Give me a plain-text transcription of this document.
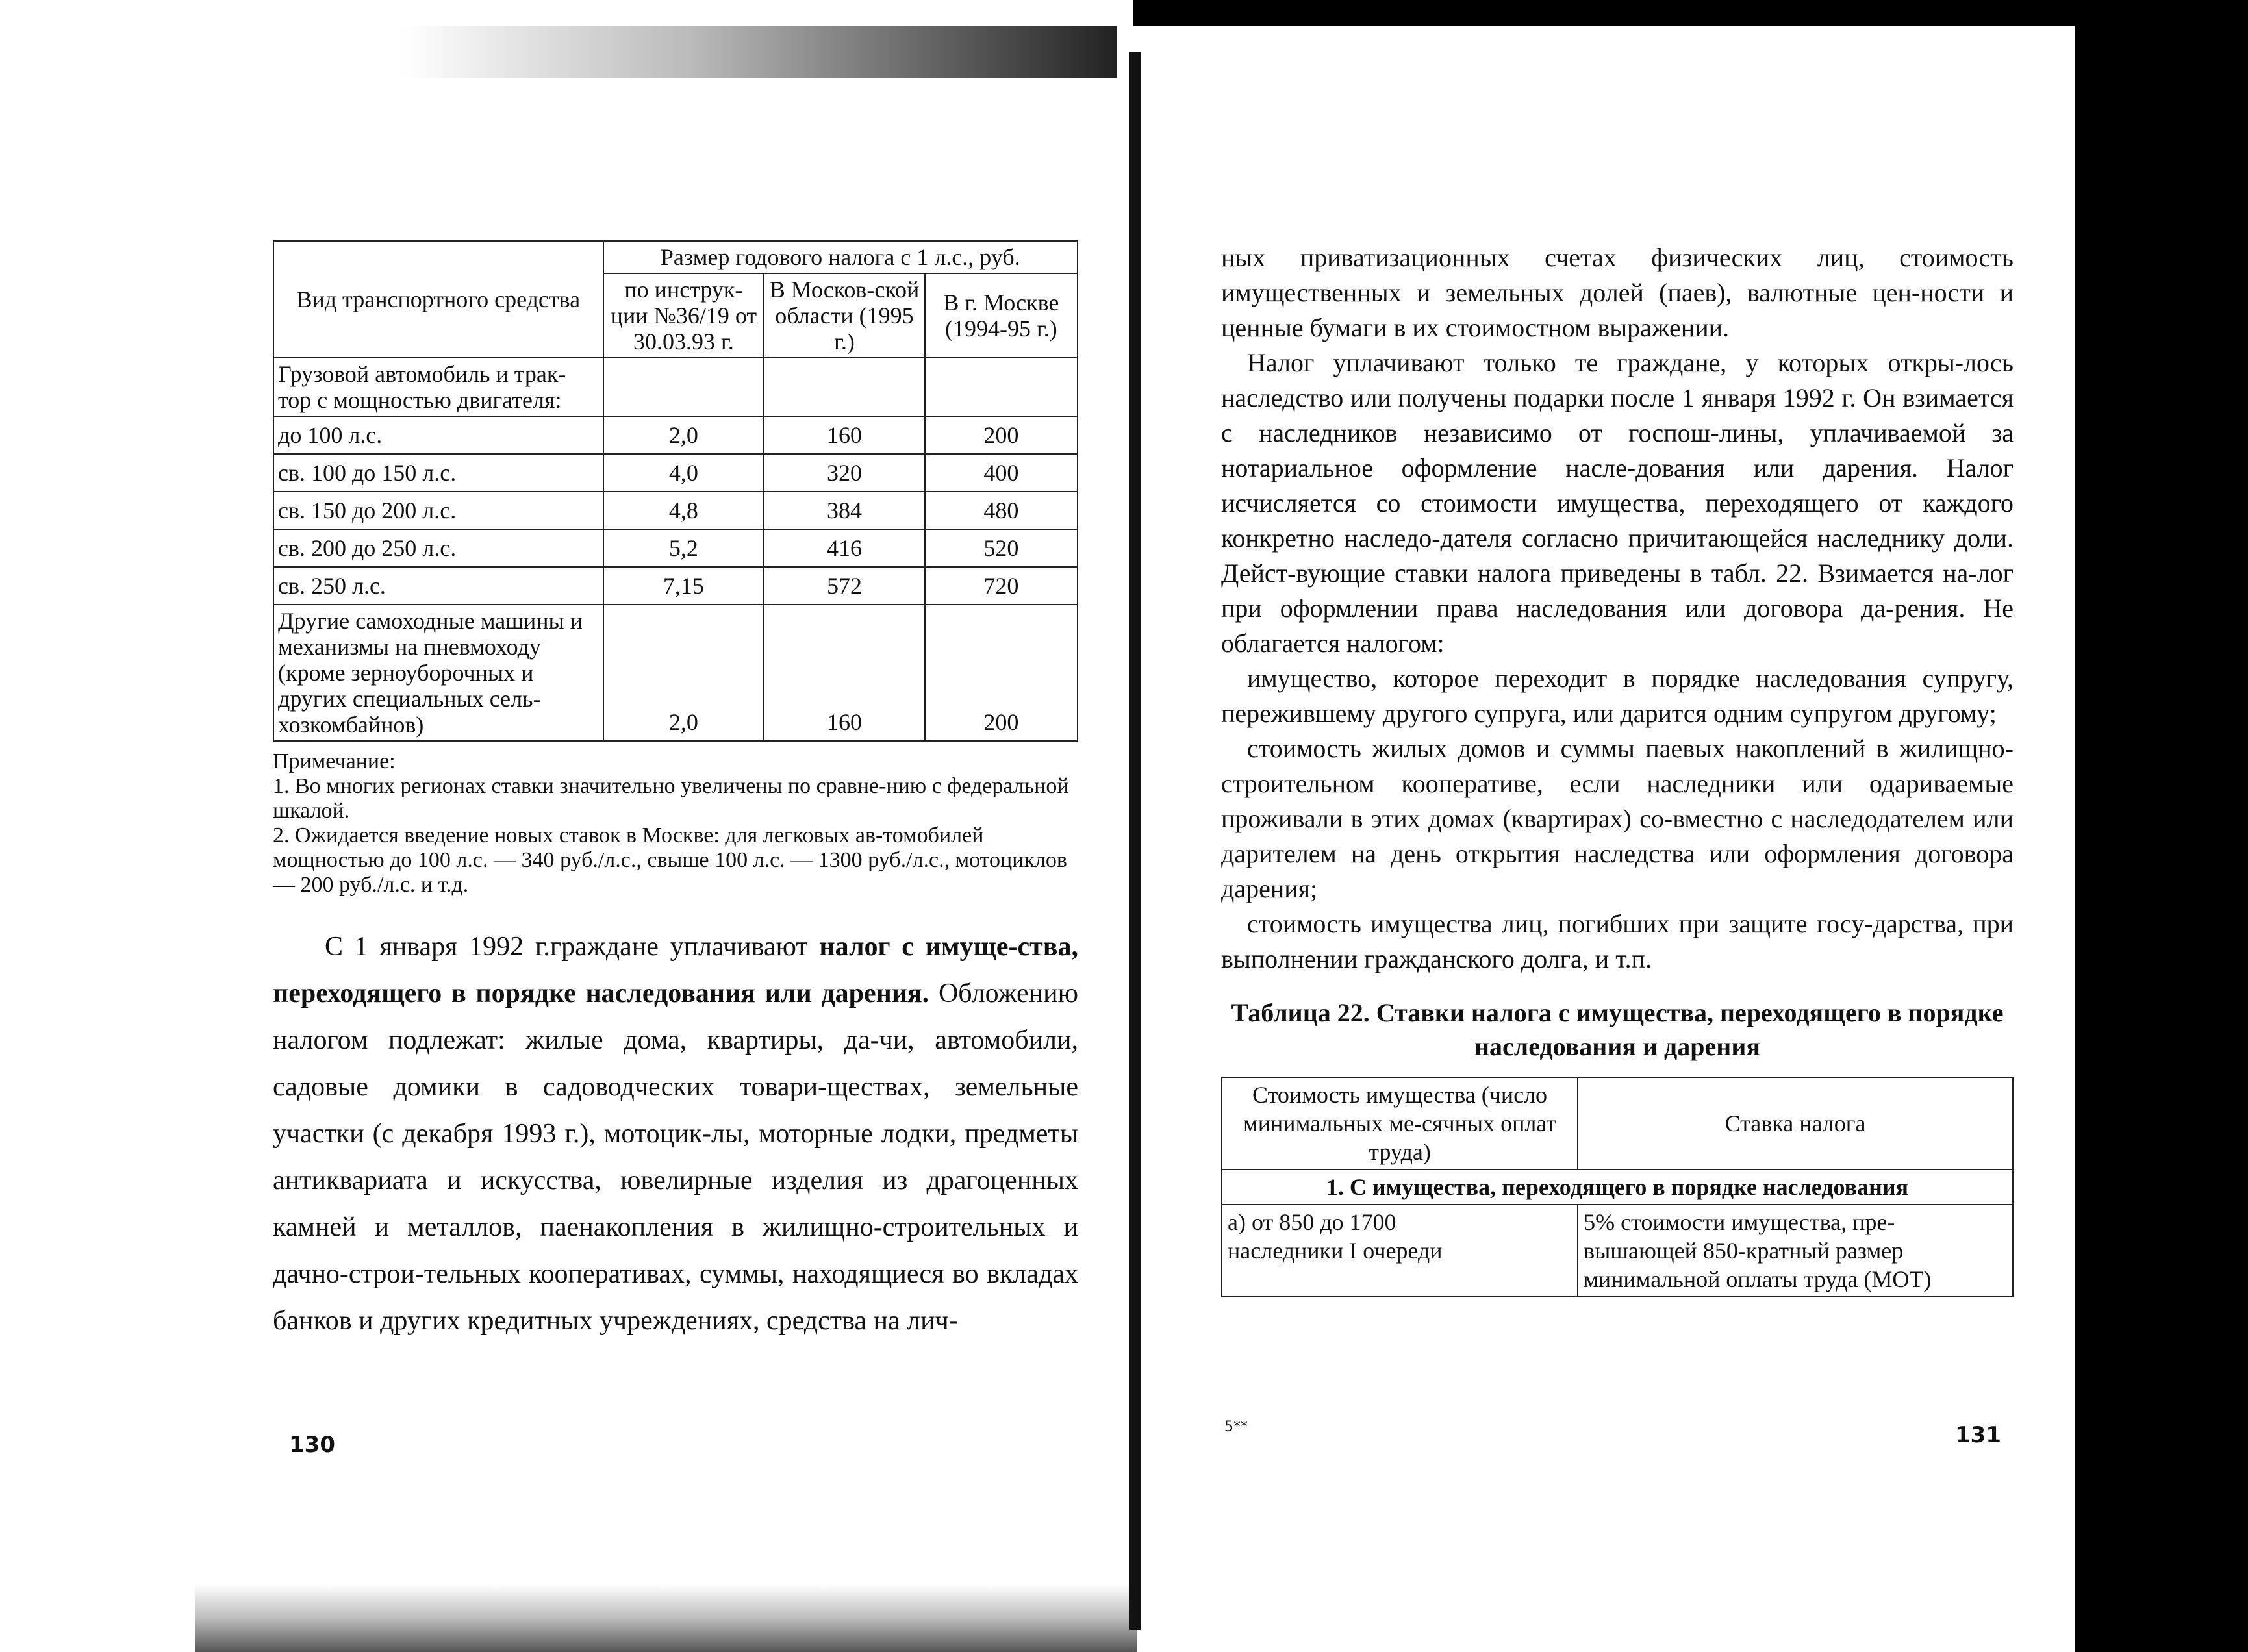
Вид транспортного средства	Размер годового налога с 1 л.с., руб.		
	по инструк-ции №36/19 от 30.03.93 г.	В Москов-ской области (1995 г.)	В г. Москве (1994-95 г.)
Грузовой автомобиль и трак-тор с мощностью двигателя:			
до 100 л.с.	2,0	160	200
св. 100 до 150 л.с.	4,0	320	400
св. 150 до 200 л.с.	4,8	384	480
св. 200 до 250 л.с.	5,2	416	520
св. 250 л.с.	7,15	572	720
Другие самоходные машины и механизмы на пневмоходу (кроме зерноуборочных и других специальных сель-хозкомбайнов)	2,0	160	200
Примечание:
1. Во многих регионах ставки значительно увеличены по сравне-нию с федеральной шкалой.
2. Ожидается введение новых ставок в Москве: для легковых ав-томобилей мощностью до 100 л.с. — 340 руб./л.с., свыше 100 л.с. — 1300 руб./л.с., мотоциклов — 200 руб./л.с. и т.д.

С 1 января 1992 г.граждане уплачивают налог с имуще-ства, переходящего в порядке наследования или дарения. Обложению налогом подлежат: жилые дома, квартиры, да-чи, автомобили, садовые домики в садоводческих товари-ществах, земельные участки (с декабря 1993 г.), мотоцик-лы, моторные лодки, предметы антиквариата и искусства, ювелирные изделия из драгоценных камней и металлов, паенакопления в жилищно-строительных и дачно-строи-тельных кооперативах, суммы, находящиеся во вкладах банков и других кредитных учреждениях, средства на лич-

130

ных приватизационных счетах физических лиц, стоимость имущественных и земельных долей (паев), валютные цен-ности и ценные бумаги в их стоимостном выражении.

Налог уплачивают только те граждане, у которых откры-лось наследство или получены подарки после 1 января 1992 г. Он взимается с наследников независимо от госпош-лины, уплачиваемой за нотариальное оформление насле-дования или дарения. Налог исчисляется со стоимости имущества, переходящего от каждого конкретно наследо-дателя согласно причитающейся наследнику доли. Дейст-вующие ставки налога приведены в табл. 22. Взимается на-лог при оформлении права наследования или договора да-рения. Не облагается налогом:

имущество, которое переходит в порядке наследования супругу, пережившему другого супруга, или дарится одним супругом другому;

стоимость жилых домов и суммы паевых накоплений в жилищно-строительном кооперативе, если наследники или одариваемые проживали в этих домах (квартирах) со-вместно с наследодателем или дарителем на день открытия наследства или оформления договора дарения;

стоимость имущества лиц, погибших при защите госу-дарства, при выполнении гражданского долга, и т.п.

Таблица 22. Ставки налога с имущества, переходящего в порядке наследования и дарения
Стоимость имущества (число минимальных ме-сячных оплат труда)	Ставка налога
1. С имущества, переходящего в порядке наследования	

а) от 850 до 1700
наследники I очереди	5% стоимости имущества, пре-вышающей 850-кратный размер минимальной оплаты труда (МОТ)
5**	131
